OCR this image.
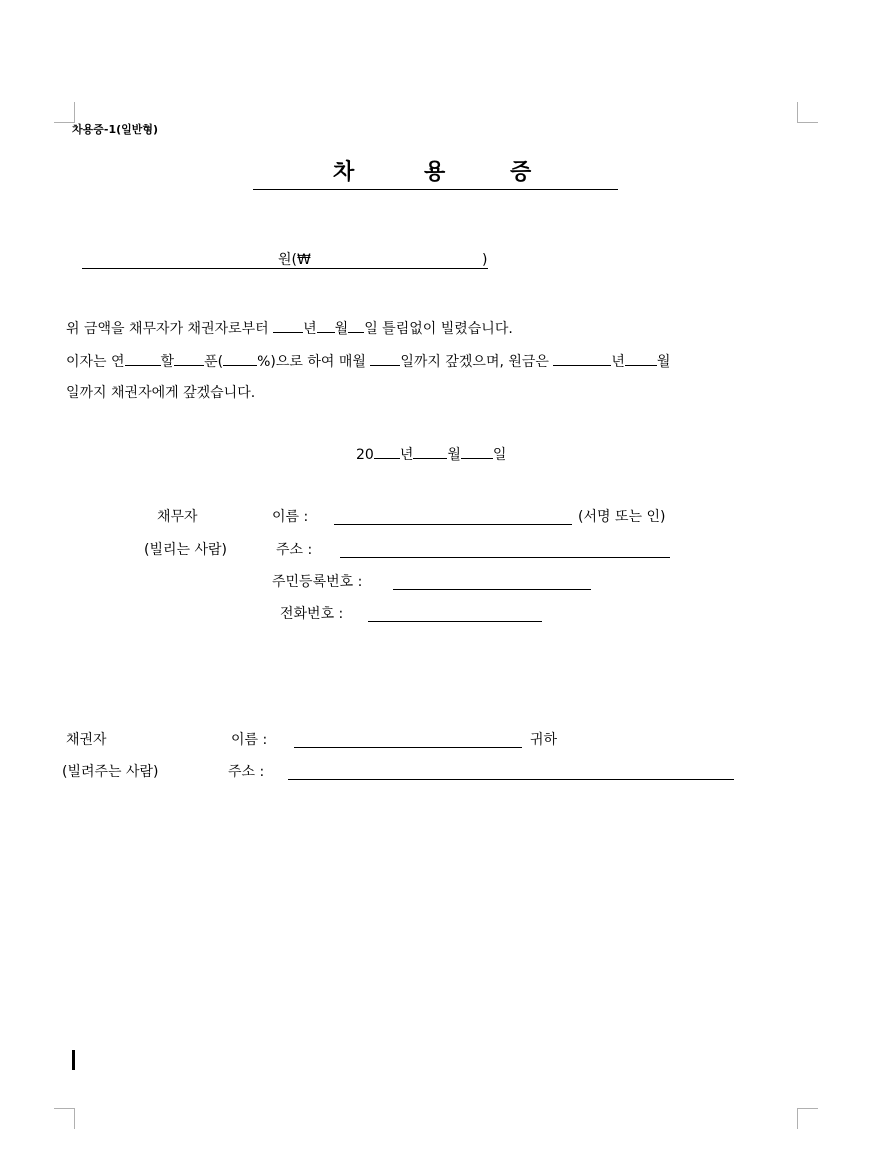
차용증-1(일반형)
차	용	증
원(₩	)
위 금액을 채무자가 채권자로부터 년 월 일 틀림없이 빌렸습니다.
이자는 연	할 푼( %)으로 하여 매월 일까지 갚겠으며, 원금은	년 월
일까지 채권자에게 갚겠습니다.
20 년 월 일
채무자	이름 :	(서명 또는 인)
(빌리는 사람)	주소 :
주민등록번호 :
전화번호 :
채권자	이름 :	귀하
(빌려주는 사람)	주소 :
